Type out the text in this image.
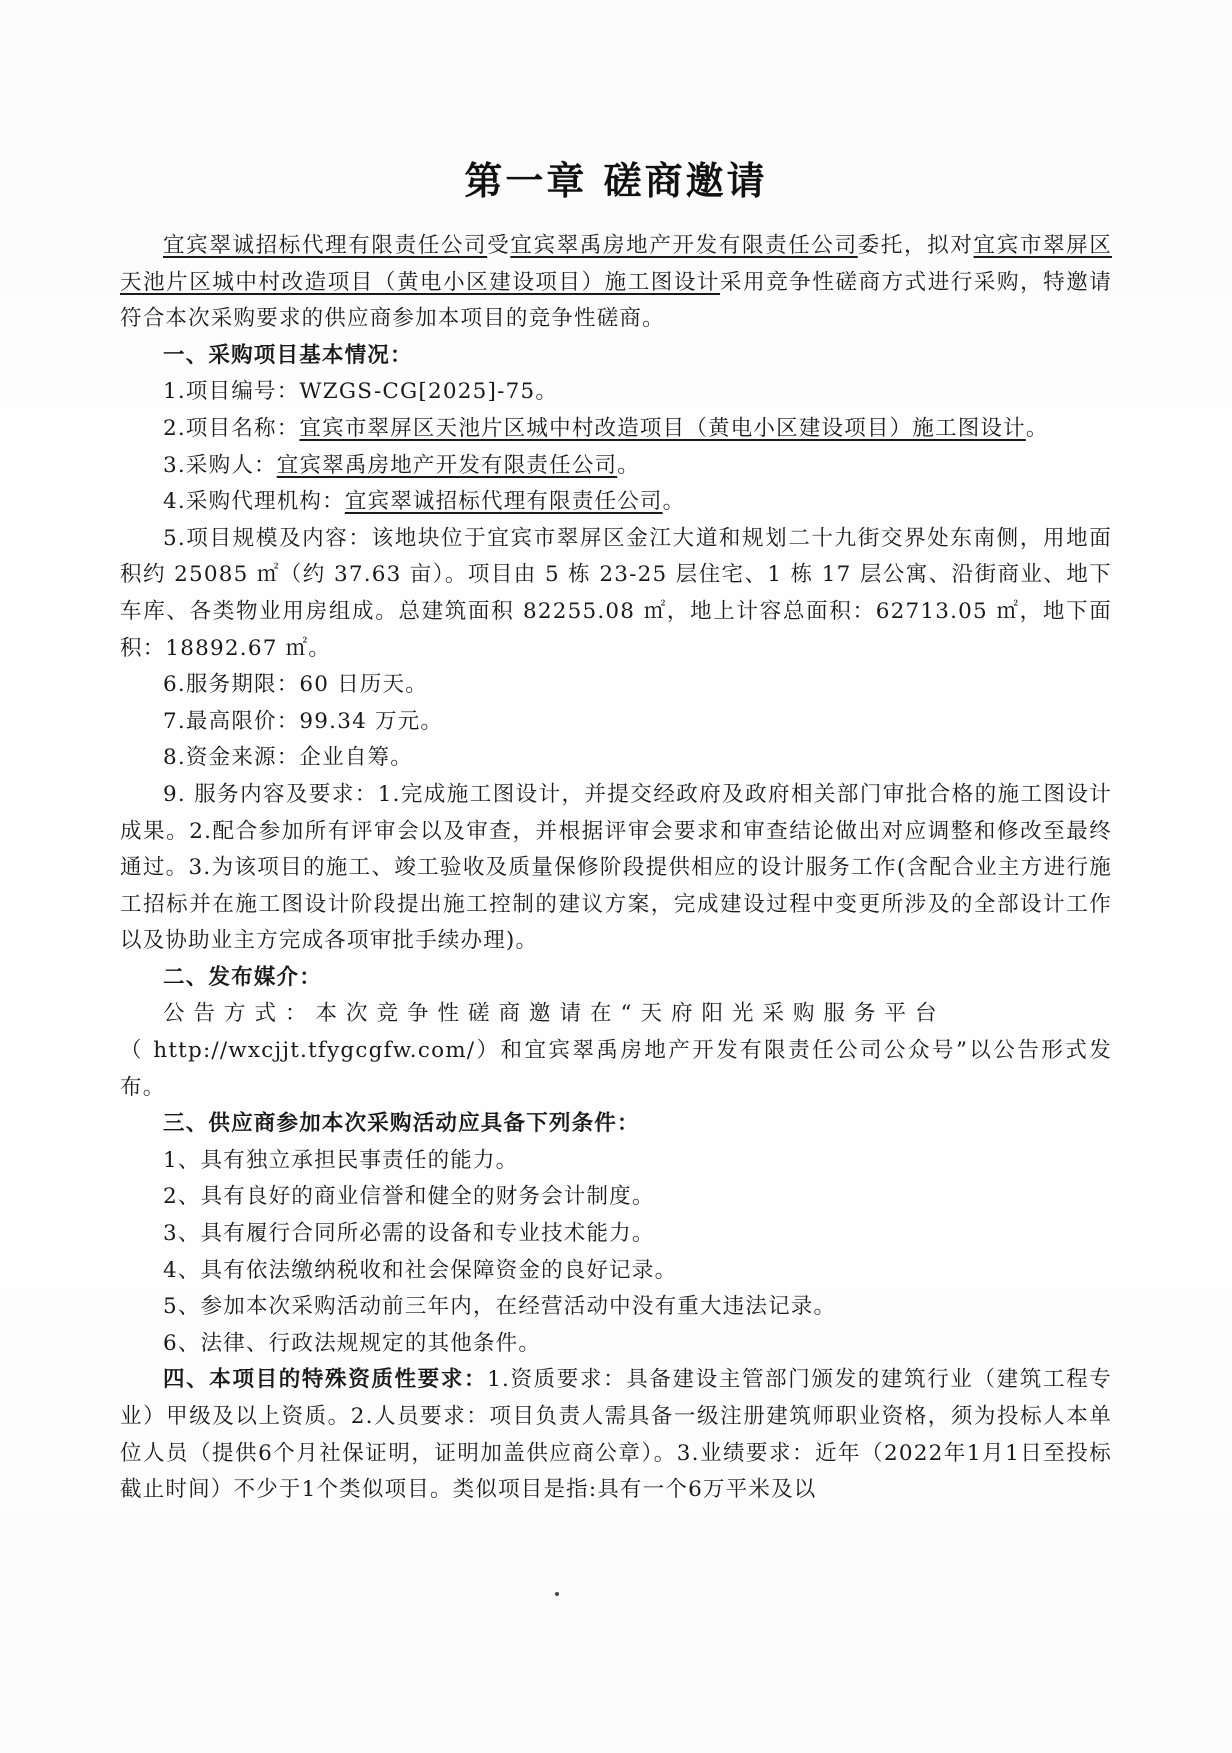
第一章 磋商邀请

宜宾翠诚招标代理有限责任公司受宜宾翠禹房地产开发有限责任公司委托，拟对宜宾市翠屏区天池片区城中村改造项目（黄电小区建设项目）施工图设计采用竞争性磋商方式进行采购，特邀请符合本次采购要求的供应商参加本项目的竞争性磋商。

一、采购项目基本情况：

1.项目编号：WZGS-CG[2025]-75。

2.项目名称：宜宾市翠屏区天池片区城中村改造项目（黄电小区建设项目）施工图设计。

3.采购人：宜宾翠禹房地产开发有限责任公司。

4.采购代理机构：宜宾翠诚招标代理有限责任公司。

5.项目规模及内容：该地块位于宜宾市翠屏区金江大道和规划二十九街交界处东南侧，用地面积约 25085 ㎡（约 37.63 亩）。项目由 5 栋 23-25 层住宅、1 栋 17 层公寓、沿街商业、地下车库、各类物业用房组成。总建筑面积 82255.08 ㎡，地上计容总面积：62713.05 ㎡，地下面积：18892.67 ㎡。

6.服务期限：60 日历天。

7.最高限价：99.34 万元。

8.资金来源：企业自筹。

9. 服务内容及要求：1.完成施工图设计，并提交经政府及政府相关部门审批合格的施工图设计成果。2.配合参加所有评审会以及审查，并根据评审会要求和审查结论做出对应调整和修改至最终通过。3.为该项目的施工、竣工验收及质量保修阶段提供相应的设计服务工作(含配合业主方进行施工招标并在施工图设计阶段提出施工控制的建议方案，完成建设过程中变更所涉及的全部设计工作以及协助业主方完成各项审批手续办理)。

二、发布媒介：

公告方式：本次竞争性磋商邀请在“天府阳光采购服务平台

（ http://wxcjjt.tfygcgfw.com/）和宜宾翠禹房地产开发有限责任公司公众号”以公告形式发布。

三、供应商参加本次采购活动应具备下列条件：

1、具有独立承担民事责任的能力。

2、具有良好的商业信誉和健全的财务会计制度。

3、具有履行合同所必需的设备和专业技术能力。

4、具有依法缴纳税收和社会保障资金的良好记录。

5、参加本次采购活动前三年内，在经营活动中没有重大违法记录。

6、法律、行政法规规定的其他条件。

四、本项目的特殊资质性要求：1.资质要求：具备建设主管部门颁发的建筑行业（建筑工程专业）甲级及以上资质。2.人员要求：项目负责人需具备一级注册建筑师职业资格，须为投标人本单位人员（提供6个月社保证明，证明加盖供应商公章）。3.业绩要求：近年（2022年1月1日至投标截止时间）不少于1个类似项目。类似项目是指:具有一个6万平米及以
